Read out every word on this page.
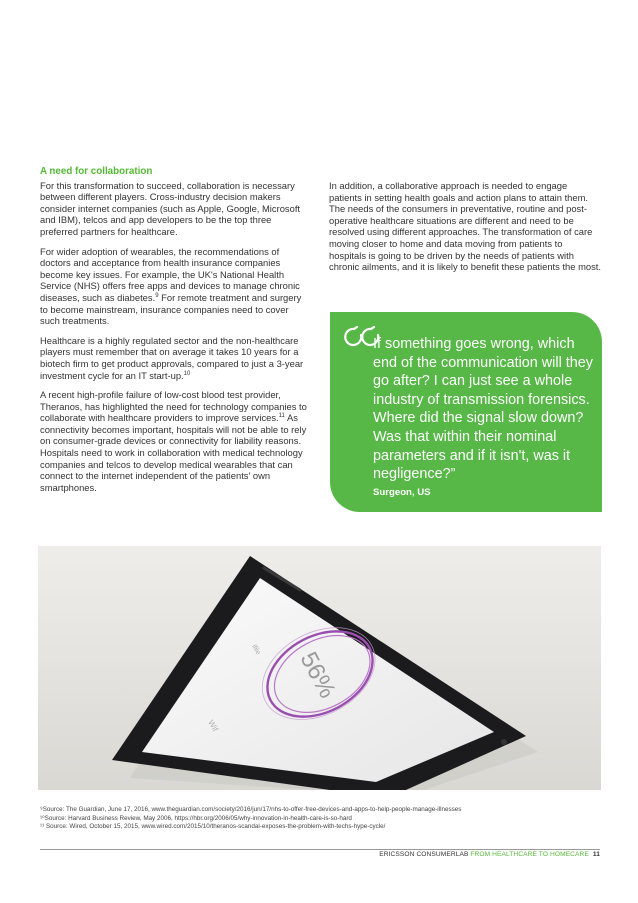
A need for collaboration

For this transformation to succeed, collaboration is necessary between different players. Cross-industry decision makers consider internet companies (such as Apple, Google, Microsoft and IBM), telcos and app developers to be the top three preferred partners for healthcare.

For wider adoption of wearables, the recommendations of doctors and acceptance from health insurance companies become key issues. For example, the UK's National Health Service (NHS) offers free apps and devices to manage chronic diseases, such as diabetes.$^9$ For remote treatment and surgery to become mainstream, insurance companies need to cover such treatments.

Healthcare is a highly regulated sector and the non-healthcare players must remember that on average it takes 10 years for a biotech firm to get product approvals, compared to just a 3-year investment cycle for an IT start-up.$^{10}$

A recent high-profile failure of low-cost blood test provider, Theranos, has highlighted the need for technology companies to collaborate with healthcare providers to improve services.$^{11}$ As connectivity becomes important, hospitals will not be able to rely on consumer-grade devices or connectivity for liability reasons. Hospitals need to work in collaboration with medical technology companies and telcos to develop medical wearables that can connect to the internet independent of the patients' own smartphones.

In addition, a collaborative approach is needed to engage patients in setting health goals and action plans to attain them. The needs of the consumers in preventative, routine and post-operative healthcare situations are different and need to be resolved using different approaches. The transformation of care moving closer to home and data moving from patients to hospitals is going to be driven by the needs of patients with chronic ailments, and it is likely to benefit these patients the most.

If something goes wrong, which end of the communication will they go after? I can just see a whole industry of transmission forensics. Where did the signal slow down? Was that within their nominal parameters and if it isn't, was it negligence?”
Surgeon, US
56%
ifile
Wif
⁹Source: The Guardian, June 17, 2016, www.theguardian.com/society/2016/jun/17/nhs-to-offer-free-devices-and-apps-to-help-people-manage-illnesses
¹⁰Source: Harvard Business Review, May 2006, https://hbr.org/2006/05/why-innovation-in-health-care-is-so-hard
¹¹ Source: Wired, October 15, 2015, www.wired.com/2015/10/theranos-scandal-exposes-the-problem-with-techs-hype-cycle/
ERICSSON CONSUMERLAB FROM HEALTHCARE TO HOMECARE 11
